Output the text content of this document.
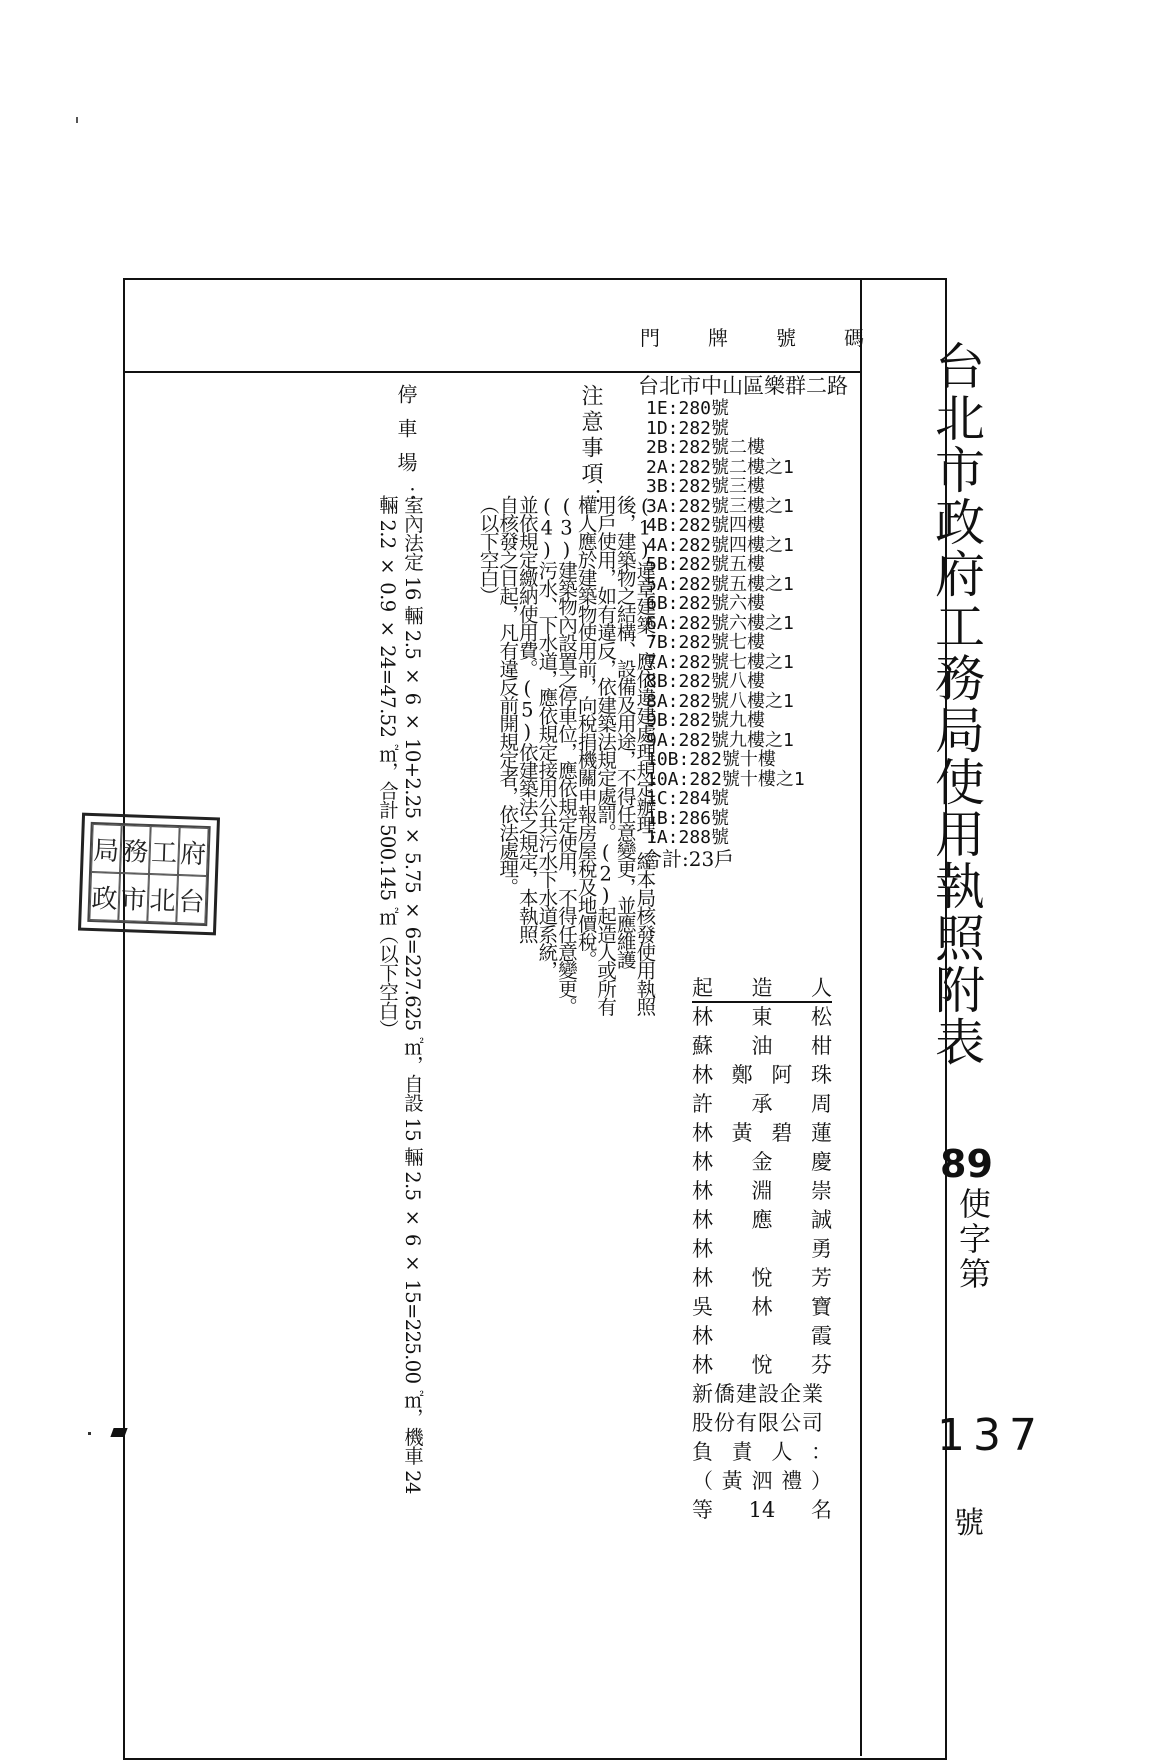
台北市政府工務局使用執照附表
89
使字第
137
號
門 牌 號 碼
台北市中山區樂群二路
1E:280號
1D:282號
2B:282號二樓
2A:282號二樓之1
3B:282號三樓
3A:282號三樓之1
4B:282號四樓
4A:282號四樓之1
5B:282號五樓
5A:282號五樓之1
6B:282號六樓
6A:282號六樓之1
7B:282號七樓
7A:282號七樓之1
8B:282號八樓
8A:282號八樓之1
9B:282號九樓
9A:282號九樓之1
10B:282號十樓
10A:282號十樓之1
1C:284號
1B:286號
1A:288號
合計:23戶
起 造 人
林 東 松
蘇 油 柑
林 鄭 阿 珠
許 承 周
林 黃 碧 蓮
林 金 慶
林 淵 崇
林 應 誠
林	勇
林 悅 芳
吳 林 寶
林	霞
林 悅 芬
新僑建設企業
股份有限公司
負 責 人 ：
（ 黃 泗 禮 ）
等 14 名
注意事項：
(1)違章建築，應依違建處理規定辦理，經本局核發使用執照
後，建築物之結構、設備及用途，不得任意變更，並應維護
用戶使用，如有違反，依建築法規定處罰。(2)起造人或所有
權人應於建築物使用前，向稅捐機關申報房屋稅及地價稅。
(3)建築物內設置之停車位，應依規定使用，不得任意變更。
(4)污水、下水道，應依規定接用公共污水下水道系統，
並依規定繳納使用費。(5)依建築法之規定，本執照
自核發之日起，凡有違反前開規定者，依法處理。
（以下空白）
停車場：
室內法定 16 輛 2.5 × 6 × 10+2.25 × 5.75 × 6=227.625 ㎡，自設 15 輛 2.5 × 6 × 15=225.00 ㎡，機車 24
輛 2.2 × 0.9 × 24=47.52 ㎡，合計 500.145 ㎡（以下空白）
局 務 工 府
政 市 北 台
